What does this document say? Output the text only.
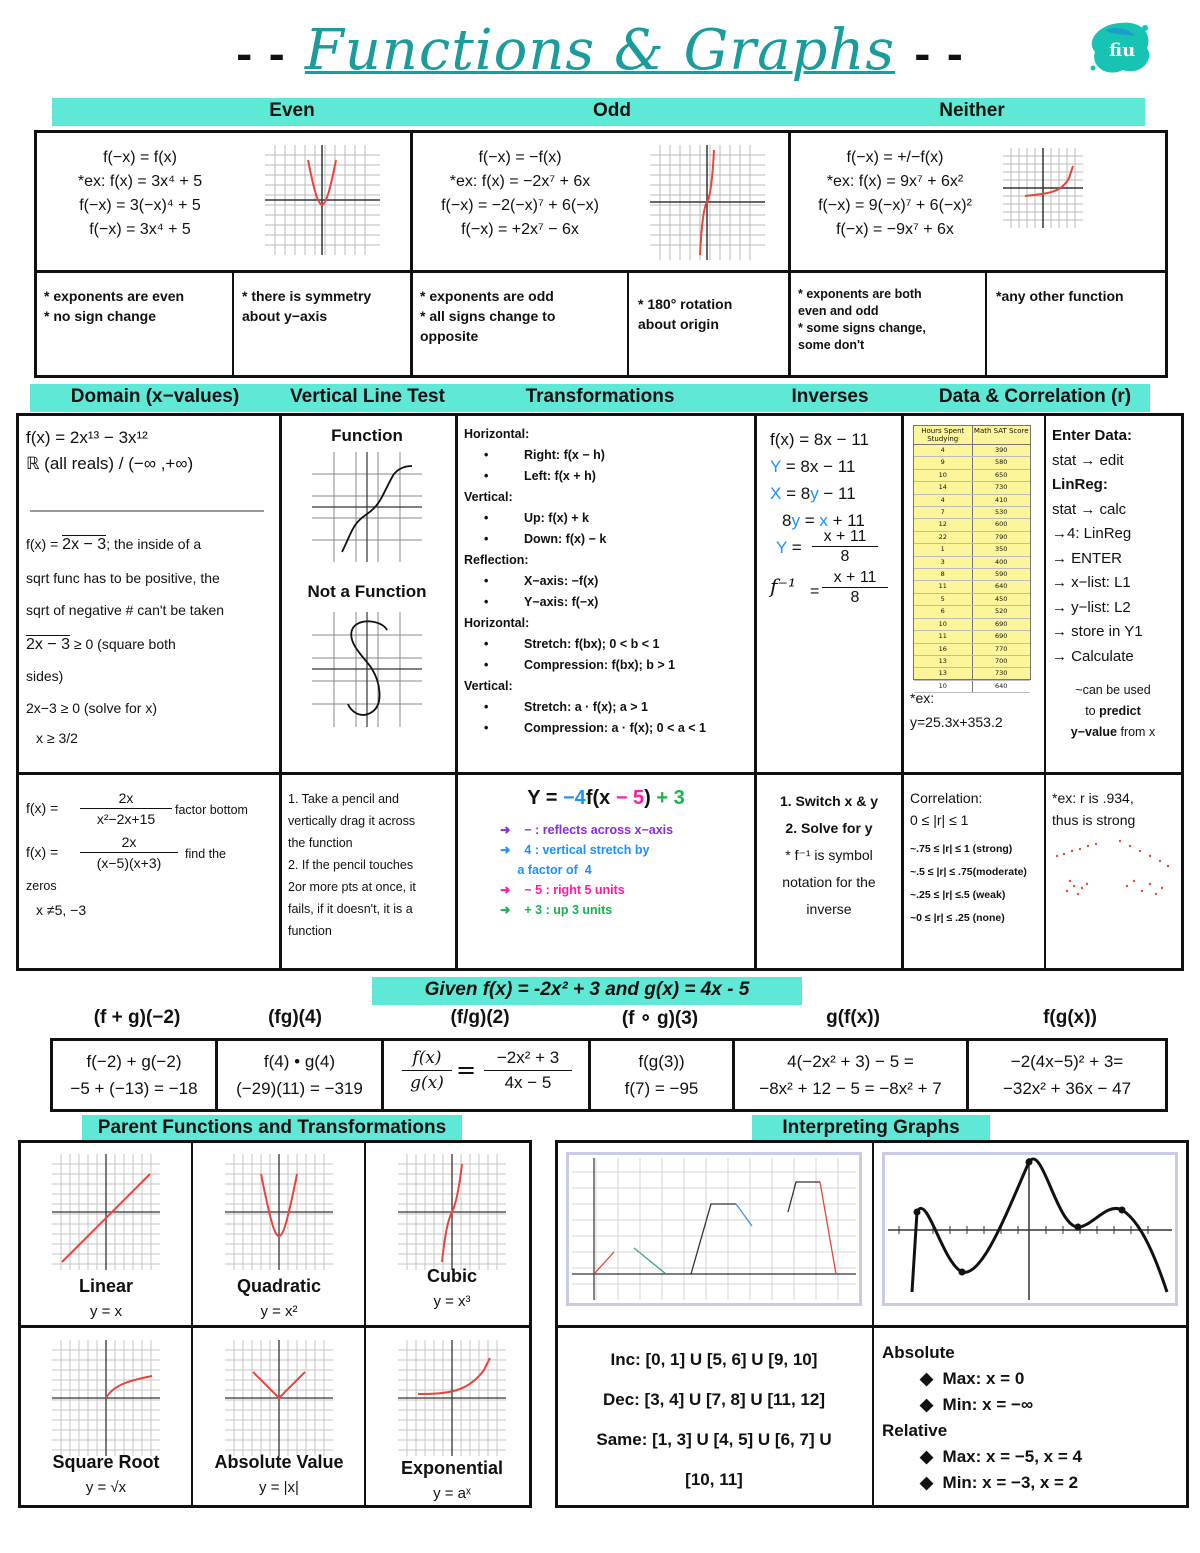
- - Functions & Graphs - -	fiu
Even	Odd	Neither
f(−x) = f(x)
*ex: f(x) = 3x⁴ + 5
f(−x) = 3(−x)⁴ + 5
f(−x) = 3x⁴ + 5
* exponents are even
* no sign change
* there is symmetry
about y−axis
f(−x) = −f(x)
*ex: f(x) = −2x⁷ + 6x
f(−x) = −2(−x)⁷ + 6(−x)
f(−x) = +2x⁷ − 6x
* exponents are odd
* all signs change to
opposite
* 180° rotation
about origin
f(−x) = +/−f(x)
*ex: f(x) = 9x⁷ + 6x²
f(−x) = 9(−x)⁷ + 6(−x)²
f(−x) = −9x⁷ + 6x
* exponents are both
even and odd
* some signs change,
some don't
*any other function
Domain (x−values)	Vertical Line Test	Transformations	Inverses	Data & Correlation (r)
f(x) = 2x¹³ − 3x¹²
ℝ (all reals) / (−∞ ,+∞)
f(x) = 2x − 3; the inside of a
sqrt func has to be positive, the
sqrt of negative # can't be taken
2x − 3 ≥ 0 (square both
sides)
2x−3 ≥ 0 (solve for x)
x ≥ 3/2
f(x) =
2x
x²−2x+15
factor bottom
f(x) =
2x
(x−5)(x+3)
find the
zeros
x ≠5, −3
Function
Not a Function
1. Take a pencil and
vertically drag it across
the function
2. If the pencil touches
2or more pts at once, it
fails, if it doesn't, it is a
function
Horizontal:
• Right: f(x − h)
• Left: f(x + h)
Vertical:
• Up: f(x) + k
• Down: f(x) − k
Reflection:
• X−axis: −f(x)
• Y−axis: f(−x)
Horizontal:
• Stretch: f(bx); 0 < b < 1
• Compression: f(bx); b > 1
Vertical:
• Stretch: a · f(x); a > 1
• Compression: a · f(x); 0 < a < 1
Y = −4f(x − 5) + 3
➜ − : reflects across x−axis
➜ 4 : vertical stretch by
a factor of  4
➜ − 5 : right 5 units
➜ + 3 : up 3 units
f(x) = 8x − 11
Y = 8x − 11
X = 8y − 11
8y = x + 11
Y =
x + 11
8
f⁻¹ =
x + 11
8
1. Switch x & y
2. Solve for y
* f⁻¹ is symbol
notation for the
inverse
Hours Spent Studying
Math SAT Score
4	390
9	580
10	650
14	730
4	410
7	530
12	600
22	790
1	350
3	400
8	590
11	640
5	450
6	520
10	690
11	690
16	770
13	700
13	730
10	640
*ex:
y=25.3x+353.2
Enter Data:
stat → edit
LinReg:
stat → calc
→4: LinReg
→ ENTER
→ x−list: L1
→ y−list: L2
→ store in Y1
→ Calculate
~can be used
to predict
y−value from x
Correlation:
0 ≤ |r| ≤ 1
~.75 ≤ |r| ≤ 1 (strong)
~.5 ≤ |r| ≤ .75(moderate)
~.25 ≤ |r| ≤.5 (weak)
~0 ≤ |r| ≤ .25 (none)
*ex: r is .934,
thus is strong
Given f(x) = -2x² + 3 and g(x) = 4x - 5
(f + g)(−2)	(fg)(4)	(f/g)(2)	(f ∘ g)(3)	g(f(x))	f(g(x))
f(−2) + g(−2)
−5 + (−13) = −18
f(4) • g(4)
(−29)(11) = −319
f(x)
g(x) =	−2x² + 3
4x − 5
f(g(3))
f(7) = −95
4(−2x² + 3) − 5 =
−8x² + 12 − 5 = −8x² + 7
−2(4x−5)² + 3=
−32x² + 36x − 47
Parent Functions and Transformations
Linear
y = x
Quadratic
y = x²
Cubic
y = x³
Square Root
y = √x
Absolute Value
y = |x|
Exponential
y = aˣ
Interpreting Graphs
Inc: [0, 1] U [5, 6] U [9, 10]
Dec: [3, 4] U [7, 8] U [11, 12]
Same: [1, 3] U [4, 5] U [6, 7] U
[10, 11]
Absolute
◆ Max: x = 0
◆ Min: x = −∞
Relative
◆ Max: x = −5, x = 4
◆ Min: x = −3, x = 2
